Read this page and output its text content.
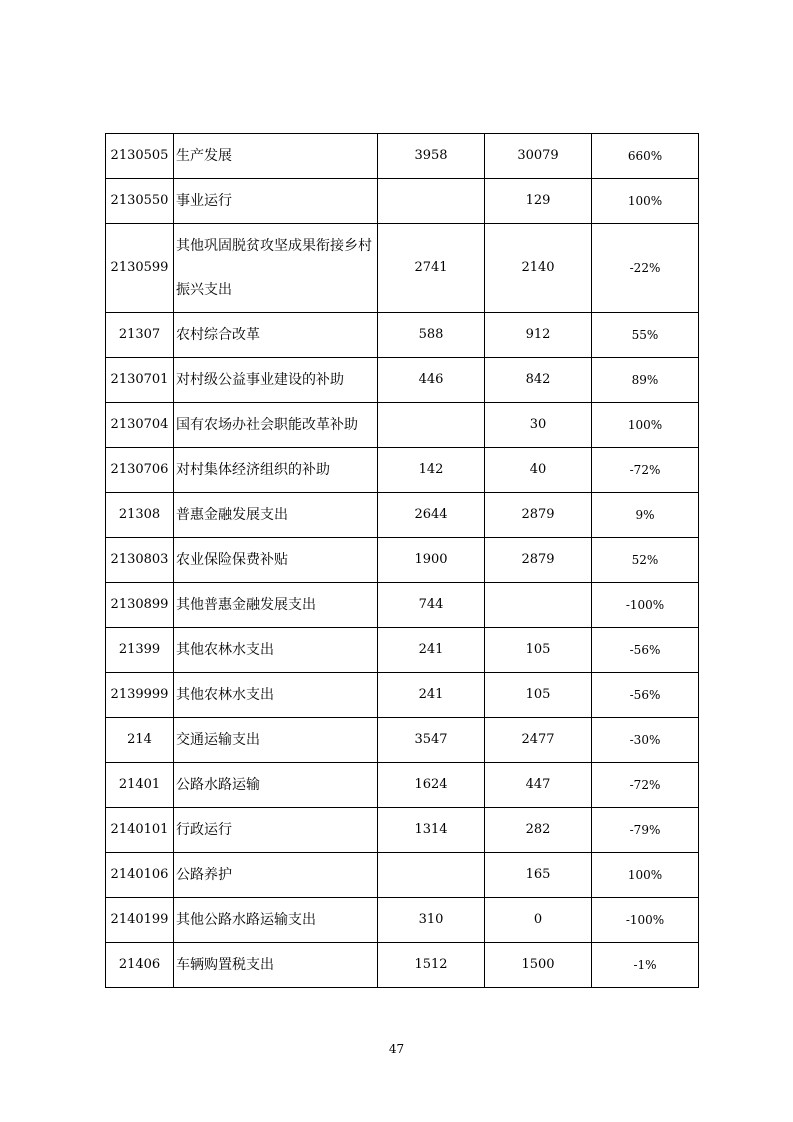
2130505	生产发展	3958	30079	660%
2130550	事业运行		129	100%
2130599	其他巩固脱贫攻坚成果衔接乡村振兴支出	2741	2140	-22%
21307	农村综合改革	588	912	55%
2130701	对村级公益事业建设的补助	446	842	89%
2130704	国有农场办社会职能改革补助		30	100%
2130706	对村集体经济组织的补助	142	40	-72%
21308	普惠金融发展支出	2644	2879	9%
2130803	农业保险保费补贴	1900	2879	52%
2130899	其他普惠金融发展支出	744		-100%
21399	其他农林水支出	241	105	-56%
2139999	其他农林水支出	241	105	-56%
214	交通运输支出	3547	2477	-30%
21401	公路水路运输	1624	447	-72%
2140101	行政运行	1314	282	-79%
2140106	公路养护		165	100%
2140199	其他公路水路运输支出	310	0	-100%
21406	车辆购置税支出	1512	1500	-1%
47
